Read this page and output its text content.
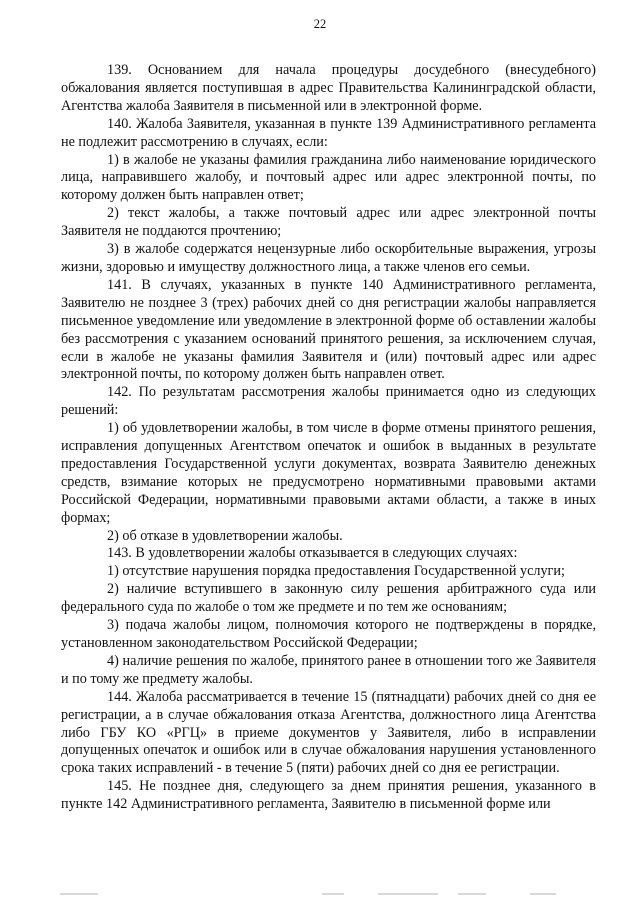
22

139. Основанием для начала процедуры досудебного (внесудебного) обжалования является поступившая в адрес Правительства Калининградской области, Агентства жалоба Заявителя в письменной или в электронной форме.

140. Жалоба Заявителя, указанная в пункте 139 Административного регламента не подлежит рассмотрению в случаях, если:

1) в жалобе не указаны фамилия гражданина либо наименование юридического лица, направившего жалобу, и почтовый адрес или адрес электронной почты, по которому должен быть направлен ответ;

2) текст жалобы, а также почтовый адрес или адрес электронной почты Заявителя не поддаются прочтению;

3) в жалобе содержатся нецензурные либо оскорбительные выражения, угрозы жизни, здоровью и имуществу должностного лица, а также членов его семьи.

141. В случаях, указанных в пункте 140 Административного регламента, Заявителю не позднее 3 (трех) рабочих дней со дня регистрации жалобы направляется письменное уведомление или уведомление в электронной форме об оставлении жалобы без рассмотрения с указанием оснований принятого решения, за исключением случая, если в жалобе не указаны фамилия Заявителя и (или) почтовый адрес или адрес электронной почты, по которому должен быть направлен ответ.

142. По результатам рассмотрения жалобы принимается одно из следующих решений:

1) об удовлетворении жалобы, в том числе в форме отмены принятого решения, исправления допущенных Агентством опечаток и ошибок в выданных в результате предоставления Государственной услуги документах, возврата Заявителю денежных средств, взимание которых не предусмотрено нормативными правовыми актами Российской Федерации, нормативными правовыми актами области, а также в иных формах;

2) об отказе в удовлетворении жалобы.

143. В удовлетворении жалобы отказывается в следующих случаях:

1) отсутствие нарушения порядка предоставления Государственной услуги;

2) наличие вступившего в законную силу решения арбитражного суда или федерального суда по жалобе о том же предмете и по тем же основаниям;

3) подача жалобы лицом, полномочия которого не подтверждены в порядке, установленном законодательством Российской Федерации;

4) наличие решения по жалобе, принятого ранее в отношении того же Заявителя и по тому же предмету жалобы.

144. Жалоба рассматривается в течение 15 (пятнадцати) рабочих дней со дня ее регистрации, а в случае обжалования отказа Агентства, должностного лица Агентства либо ГБУ КО «РГЦ» в приеме документов у Заявителя, либо в исправлении допущенных опечаток и ошибок или в случае обжалования нарушения установленного срока таких исправлений - в течение 5 (пяти) рабочих дней со дня ее регистрации.

145. Не позднее дня, следующего за днем принятия решения, указанного в пункте 142 Административного регламента, Заявителю в письменной форме или
